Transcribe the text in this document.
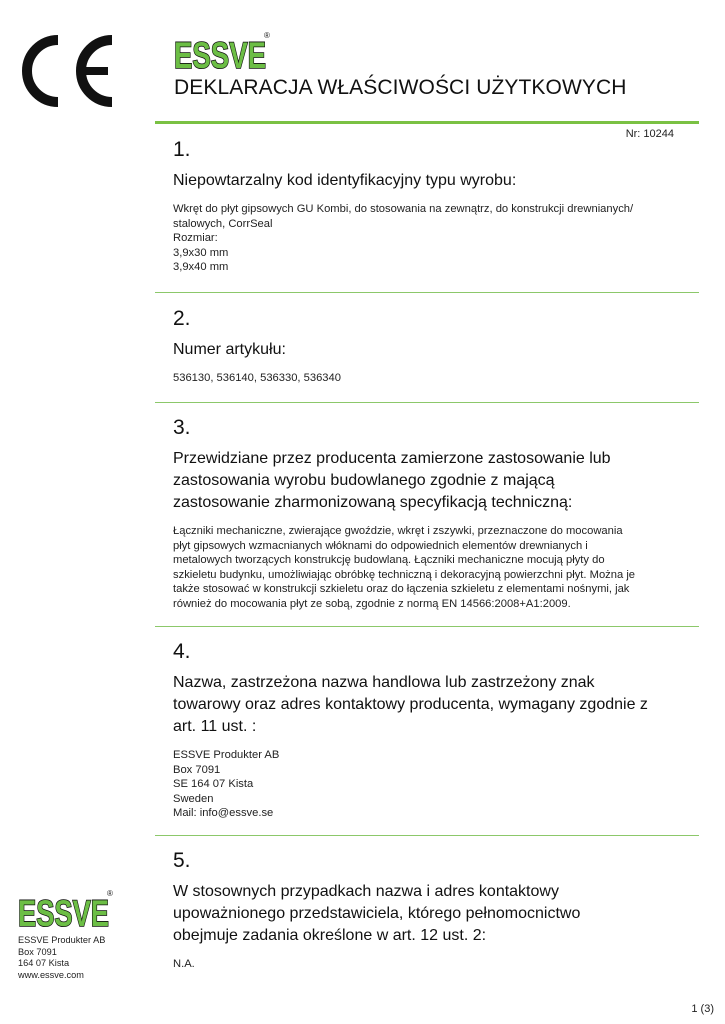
ESSVE
®
DEKLARACJA WŁAŚCIWOŚCI UŻYTKOWYCH
Nr: 10244
1.
Niepowtarzalny kod identyfikacyjny typu wyrobu:
Wkręt do płyt gipsowych GU Kombi, do stosowania na zewnątrz, do konstrukcji drewnianych/
stalowych, CorrSeal
Rozmiar:
3,9x30 mm
3,9x40 mm
2.
Numer artykułu:
536130, 536140, 536330, 536340
3.
Przewidziane przez producenta zamierzone zastosowanie lub
zastosowania wyrobu budowlanego zgodnie z mającą
zastosowanie zharmonizowaną specyfikacją techniczną:
Łączniki mechaniczne, zwierające gwoździe, wkręt i zszywki, przeznaczone do mocowania
płyt gipsowych wzmacnianych włóknami do odpowiednich elementów drewnianych i
metalowych tworzących konstrukcję budowlaną. Łączniki mechaniczne mocują płyty do
szkieletu budynku, umożliwiając obróbkę techniczną i dekoracyjną powierzchni płyt. Można je
także stosować w konstrukcji szkieletu oraz do łączenia szkieletu z elementami nośnymi, jak
również do mocowania płyt ze sobą, zgodnie z normą EN 14566:2008+A1:2009.
4.
Nazwa, zastrzeżona nazwa handlowa lub zastrzeżony znak
towarowy oraz adres kontaktowy producenta, wymagany zgodnie z
art. 11 ust. :
ESSVE Produkter AB
Box 7091
SE 164 07 Kista
Sweden
Mail: info@essve.se
5.
W stosownych przypadkach nazwa i adres kontaktowy
upoważnionego przedstawiciela, którego pełnomocnictwo
obejmuje zadania określone w art. 12 ust. 2:
N.A.
ESSVE
®
ESSVE Produkter AB
Box 7091
164 07 Kista
www.essve.com
1 (3)
